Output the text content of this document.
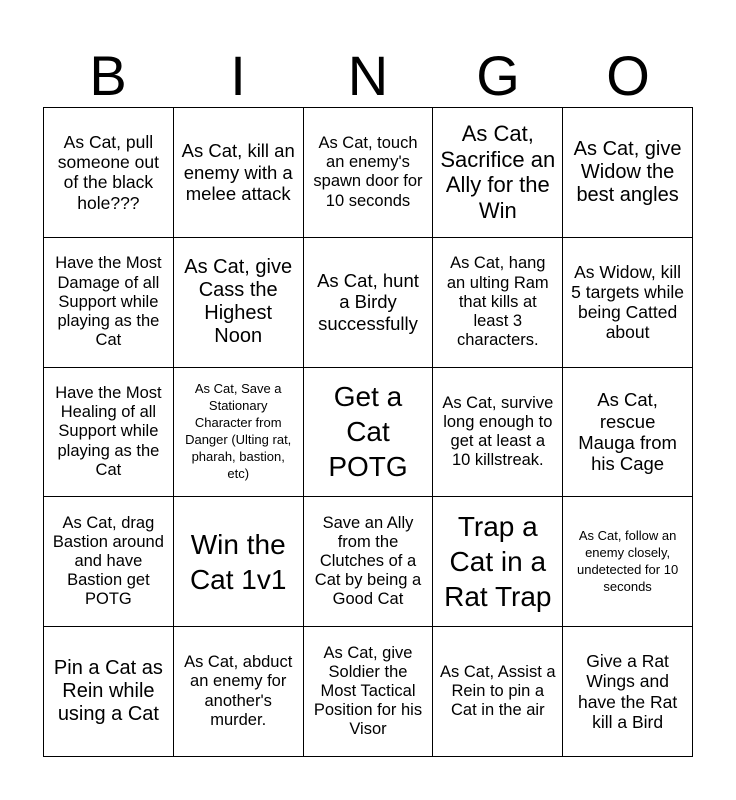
B	I	N	G	O
As Cat, pull someone out of the black hole???
As Cat, kill an enemy with a melee attack
As Cat, touch an enemy's spawn door for 10 seconds
As Cat, Sacrifice an Ally for the Win
As Cat, give Widow the best angles
Have the Most Damage of all Support while playing as the Cat
As Cat, give Cass the Highest Noon
As Cat, hunt a Birdy successfully
As Cat, hang an ulting Ram that kills at least 3 characters.
As Widow, kill 5 targets while being Catted about
Have the Most Healing of all Support while playing as the Cat
As Cat, Save a Stationary Character from Danger (Ulting rat, pharah, bastion, etc)
Get a Cat POTG
As Cat, survive long enough to get at least a 10 killstreak.
As Cat, rescue Mauga from his Cage
As Cat, drag Bastion around and have Bastion get POTG
Win the Cat 1v1
Save an Ally from the Clutches of a Cat by being a Good Cat
Trap a Cat in a Rat Trap
As Cat, follow an enemy closely, undetected for 10 seconds
Pin a Cat as Rein while using a Cat
As Cat, abduct an enemy for another's murder.
As Cat, give Soldier the Most Tactical Position for his Visor
As Cat, Assist a Rein to pin a Cat in the air
Give a Rat Wings and have the Rat kill a Bird
